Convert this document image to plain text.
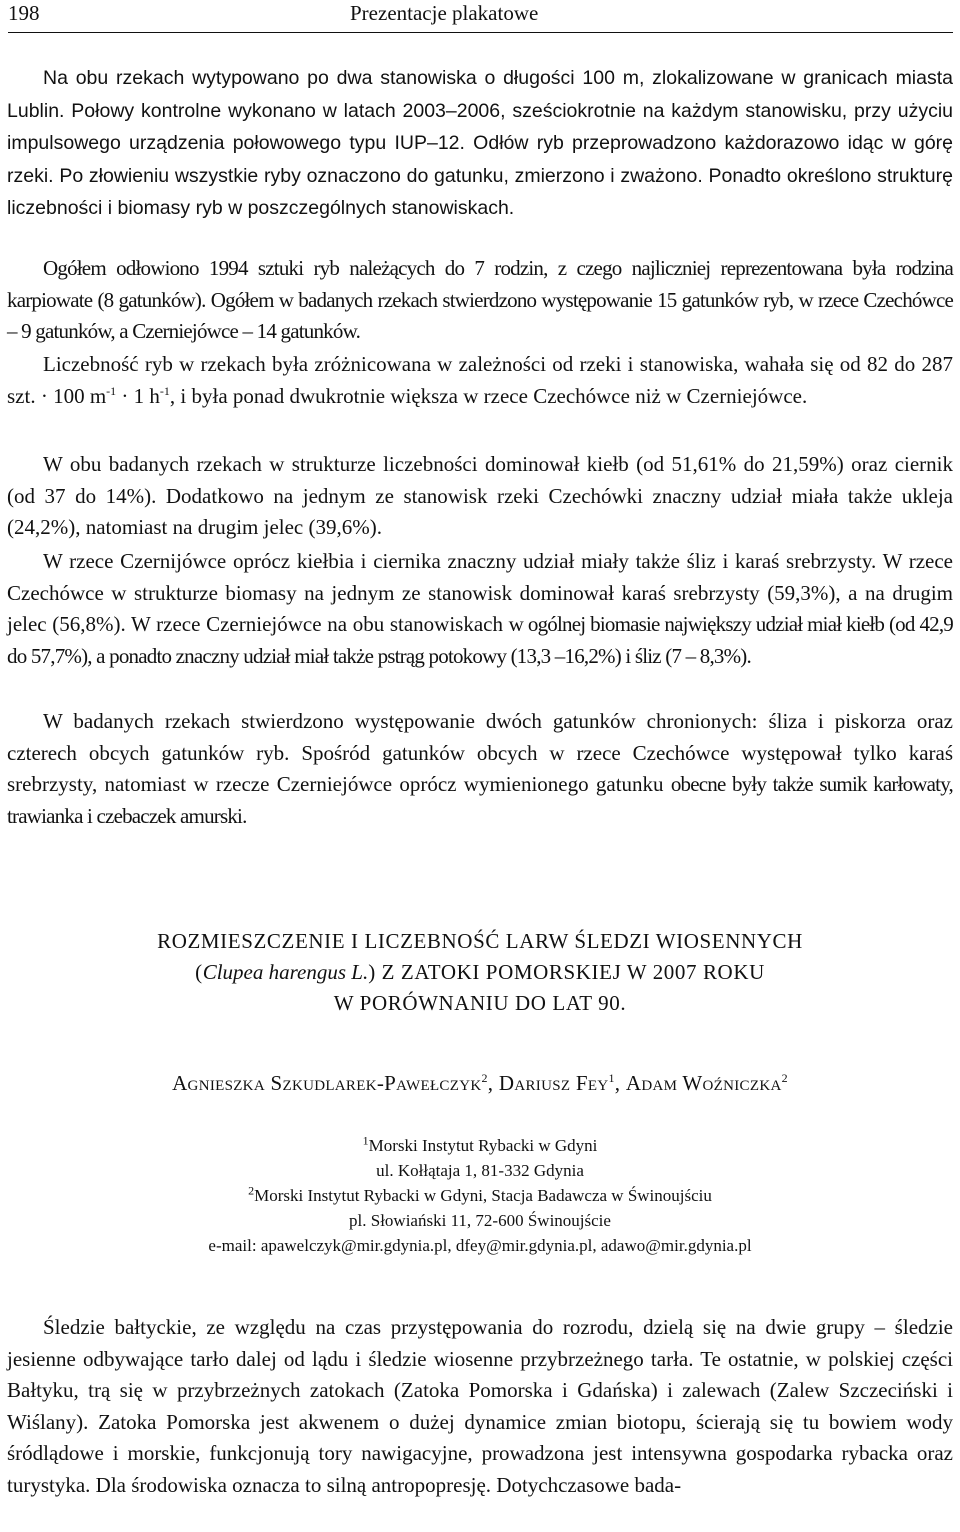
198	Prezentacje plakatowe

Na obu rzekach wytypowano po dwa stanowiska o długości 100 m, zlokalizowane w granicach miasta Lublin. Połowy kontrolne wykonano w latach 2003–2006, sześciokrotnie na każdym stanowisku, przy użyciu impulsowego urządzenia połowowego typu IUP–12. Odłów ryb przeprowadzono każdorazowo idąc w górę rzeki. Po złowieniu wszystkie ryby oznaczono do gatunku, zmierzono i zważono. Ponadto określono strukturę liczebności i biomasy ryb w poszczególnych stanowiskach.

Ogółem odłowiono 1994 sztuki ryb należących do 7 rodzin, z czego najliczniej reprezentowana była rodzina karpiowate (8 gatunków). Ogółem w badanych rzekach stwierdzono występowanie 15 gatunków ryb, w rzece Czechówce – 9 gatunków, a Czerniejówce – 14 gatunków.

Liczebność ryb w rzekach była zróżnicowana w zależności od rzeki i stanowiska, wahała się od 82 do 287 szt. · 100 $m^{-1} \cdot 1$ $h^{-1}$, i była ponad dwukrotnie większa w rzece Czechówce niż w Czerniejówce.

W obu badanych rzekach w strukturze liczebności dominował kiełb (od 51,61% do 21,59%) oraz ciernik (od 37 do 14%). Dodatkowo na jednym ze stanowisk rzeki Czechówki znaczny udział miała także ukleja (24,2%), natomiast na drugim jelec (39,6%).

W rzece Czernijówce oprócz kiełbia i ciernika znaczny udział miały także śliz i karaś srebrzysty. W rzece Czechówce w strukturze biomasy na jednym ze stanowisk dominował karaś srebrzysty (59,3%), a na drugim jelec (56,8%). W rzece Czerniejówce na obu stanowiskach w ogólnej biomasie największy udział miał kiełb (od 42,9 do 57,7%), a ponadto znaczny udział miał także pstrąg potokowy (13,3 –16,2%) i śliz (7 – 8,3%).

W badanych rzekach stwierdzono występowanie dwóch gatunków chronionych: śliza i piskorza oraz czterech obcych gatunków ryb. Spośród gatunków obcych w rzece Czechówce występował tylko karaś srebrzysty, natomiast w rzecze Czerniejówce oprócz wymienionego gatunku obecne były także sumik karłowaty, trawianka i czebaczek amurski.

ROZMIESZCZENIE I LICZEBNOŚĆ LARW ŚLEDZI WIOSENNYCH
(Clupea harengus L.) Z ZATOKI POMORSKIEJ W 2007 ROKU
W PORÓWNANIU DO LAT 90.
Agnieszka Szkudlarek-Pawełczyk$^2$, Dariusz Fey$^1$, Adam Woźniczka$^2$
$^1$Morski Instytut Rybacki w Gdyni
ul. Kołłątaja 1, 81-332 Gdynia
$^2$Morski Instytut Rybacki w Gdyni, Stacja Badawcza w Świnoujściu
pl. Słowiański 11, 72-600 Świnoujście
e-mail: apawelczyk@mir.gdynia.pl, dfey@mir.gdynia.pl, adawo@mir.gdynia.pl

Śledzie bałtyckie, ze względu na czas przystępowania do rozrodu, dzielą się na dwie grupy – śledzie jesienne odbywające tarło dalej od lądu i śledzie wiosenne przybrzeżnego tarła. Te ostatnie, w polskiej części Bałtyku, trą się w przybrzeżnych zatokach (Zatoka Pomorska i Gdańska) i zalewach (Zalew Szczeciński i Wiślany). Zatoka Pomorska jest akwenem o dużej dynamice zmian biotopu, ścierają się tu bowiem wody śródlądowe i morskie, funkcjonują tory nawigacyjne, prowadzona jest intensywna gospodarka rybacka oraz turystyka. Dla środowiska oznacza to silną antropopresję. Dotychczasowe bada-
